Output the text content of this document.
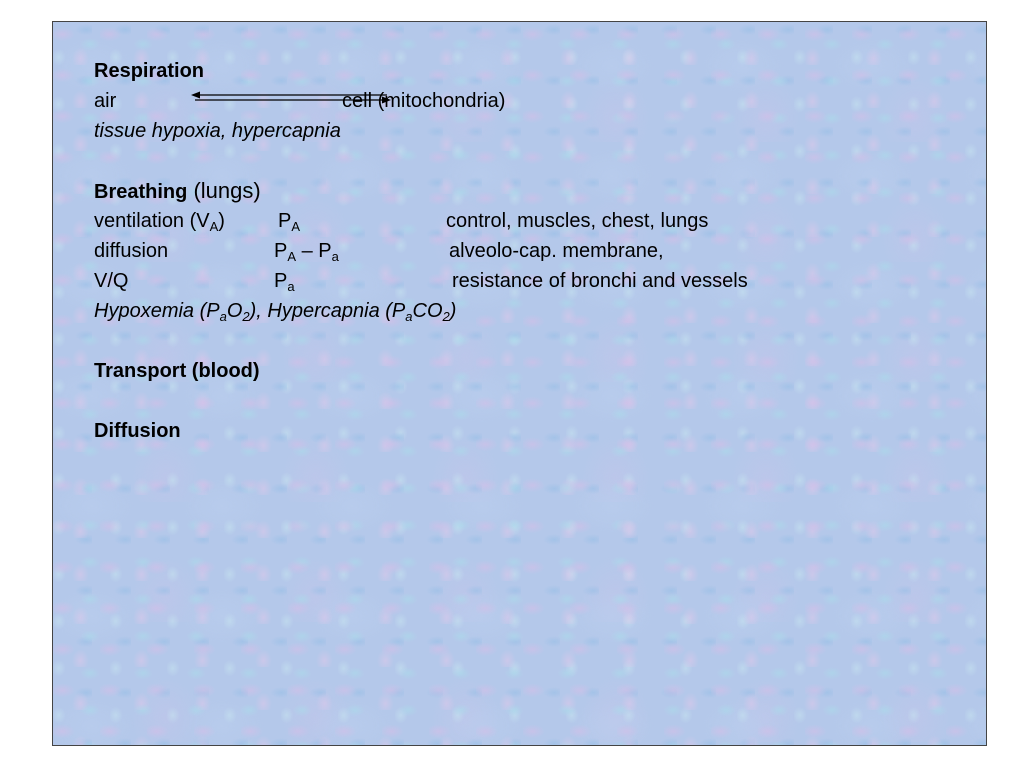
Respiration
air	cell (mitochondria)
tissue hypoxia, hypercapnia
Breathing (lungs)
ventilation $(V_A)$	$P_A$	control, muscles, chest, lungs
diffusion	$P_A - P_a$	alveolo-cap. membrane,
V/Q	$P_a$	resistance of bronchi and vessels
Hypoxemia $(P_aO_2)$, Hypercapnia $(P_aCO_2)$
Transport (blood)
Diffusion
